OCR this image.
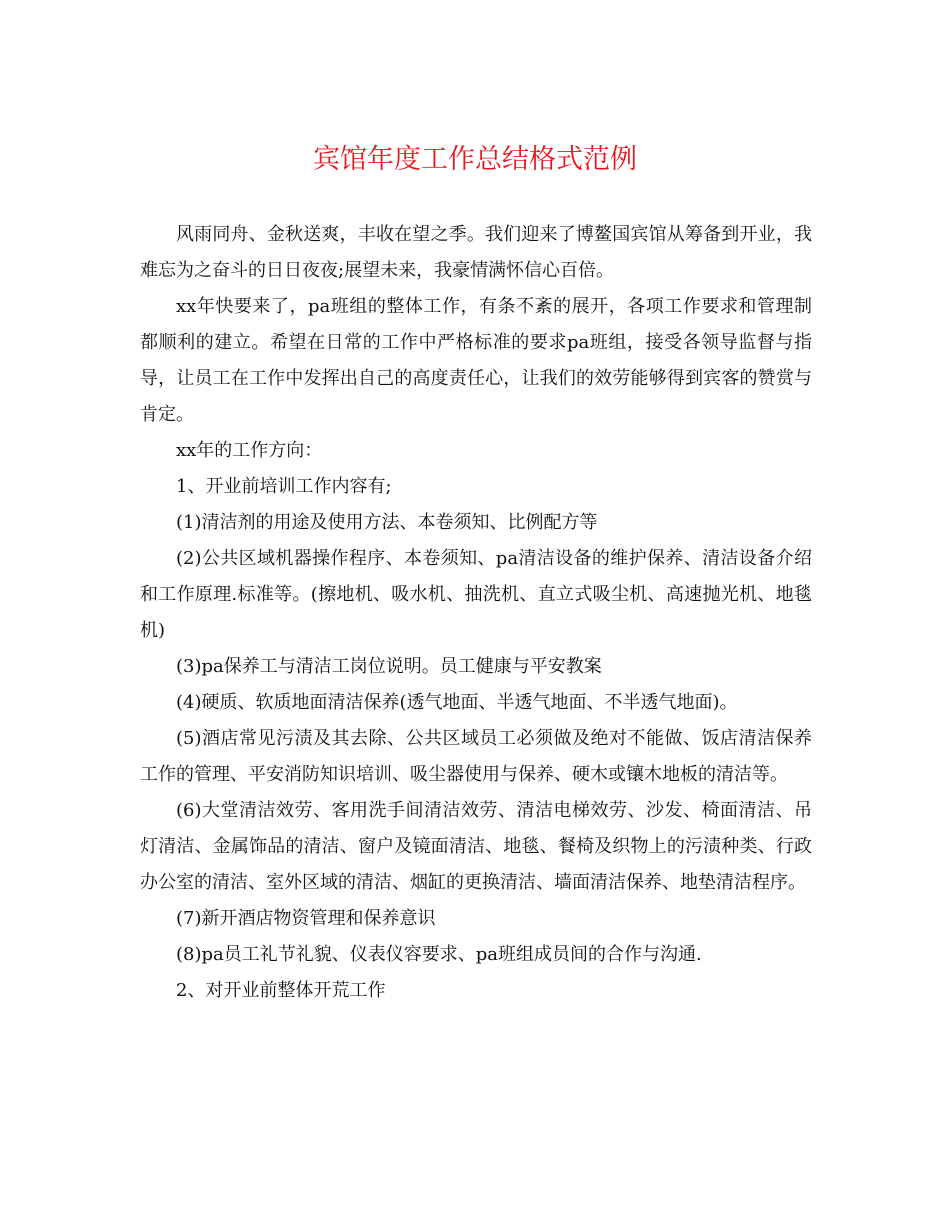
宾馆年度工作总结格式范例

风雨同舟、金秋送爽，丰收在望之季。我们迎来了博鳌国宾馆从筹备到开业，我难忘为之奋斗的日日夜夜;展望未来，我豪情满怀信心百倍。

xx年快要来了，pa班组的整体工作，有条不紊的展开，各项工作要求和管理制都顺利的建立。希望在日常的工作中严格标准的要求pa班组，接受各领导监督与指导，让员工在工作中发挥出自己的高度责任心，让我们的效劳能够得到宾客的赞赏与肯定。

xx年的工作方向：

1、开业前培训工作内容有;

(1)清洁剂的用途及使用方法、本卷须知、比例配方等

(2)公共区域机器操作程序、本卷须知、pa清洁设备的维护保养、清洁设备介绍和工作原理.标准等。(擦地机、吸水机、抽洗机、直立式吸尘机、高速抛光机、地毯机)

(3)pa保养工与清洁工岗位说明。员工健康与平安教案

(4)硬质、软质地面清洁保养(透气地面、半透气地面、不半透气地面)。

(5)酒店常见污渍及其去除、公共区域员工必须做及绝对不能做、饭店清洁保养工作的管理、平安消防知识培训、吸尘器使用与保养、硬木或镶木地板的清洁等。

(6)大堂清洁效劳、客用洗手间清洁效劳、清洁电梯效劳、沙发、椅面清洁、吊灯清洁、金属饰品的清洁、窗户及镜面清洁、地毯、餐椅及织物上的污渍种类、行政办公室的清洁、室外区域的清洁、烟缸的更换清洁、墙面清洁保养、地垫清洁程序。

(7)新开酒店物资管理和保养意识

(8)pa员工礼节礼貌、仪表仪容要求、pa班组成员间的合作与沟通.

2、对开业前整体开荒工作
